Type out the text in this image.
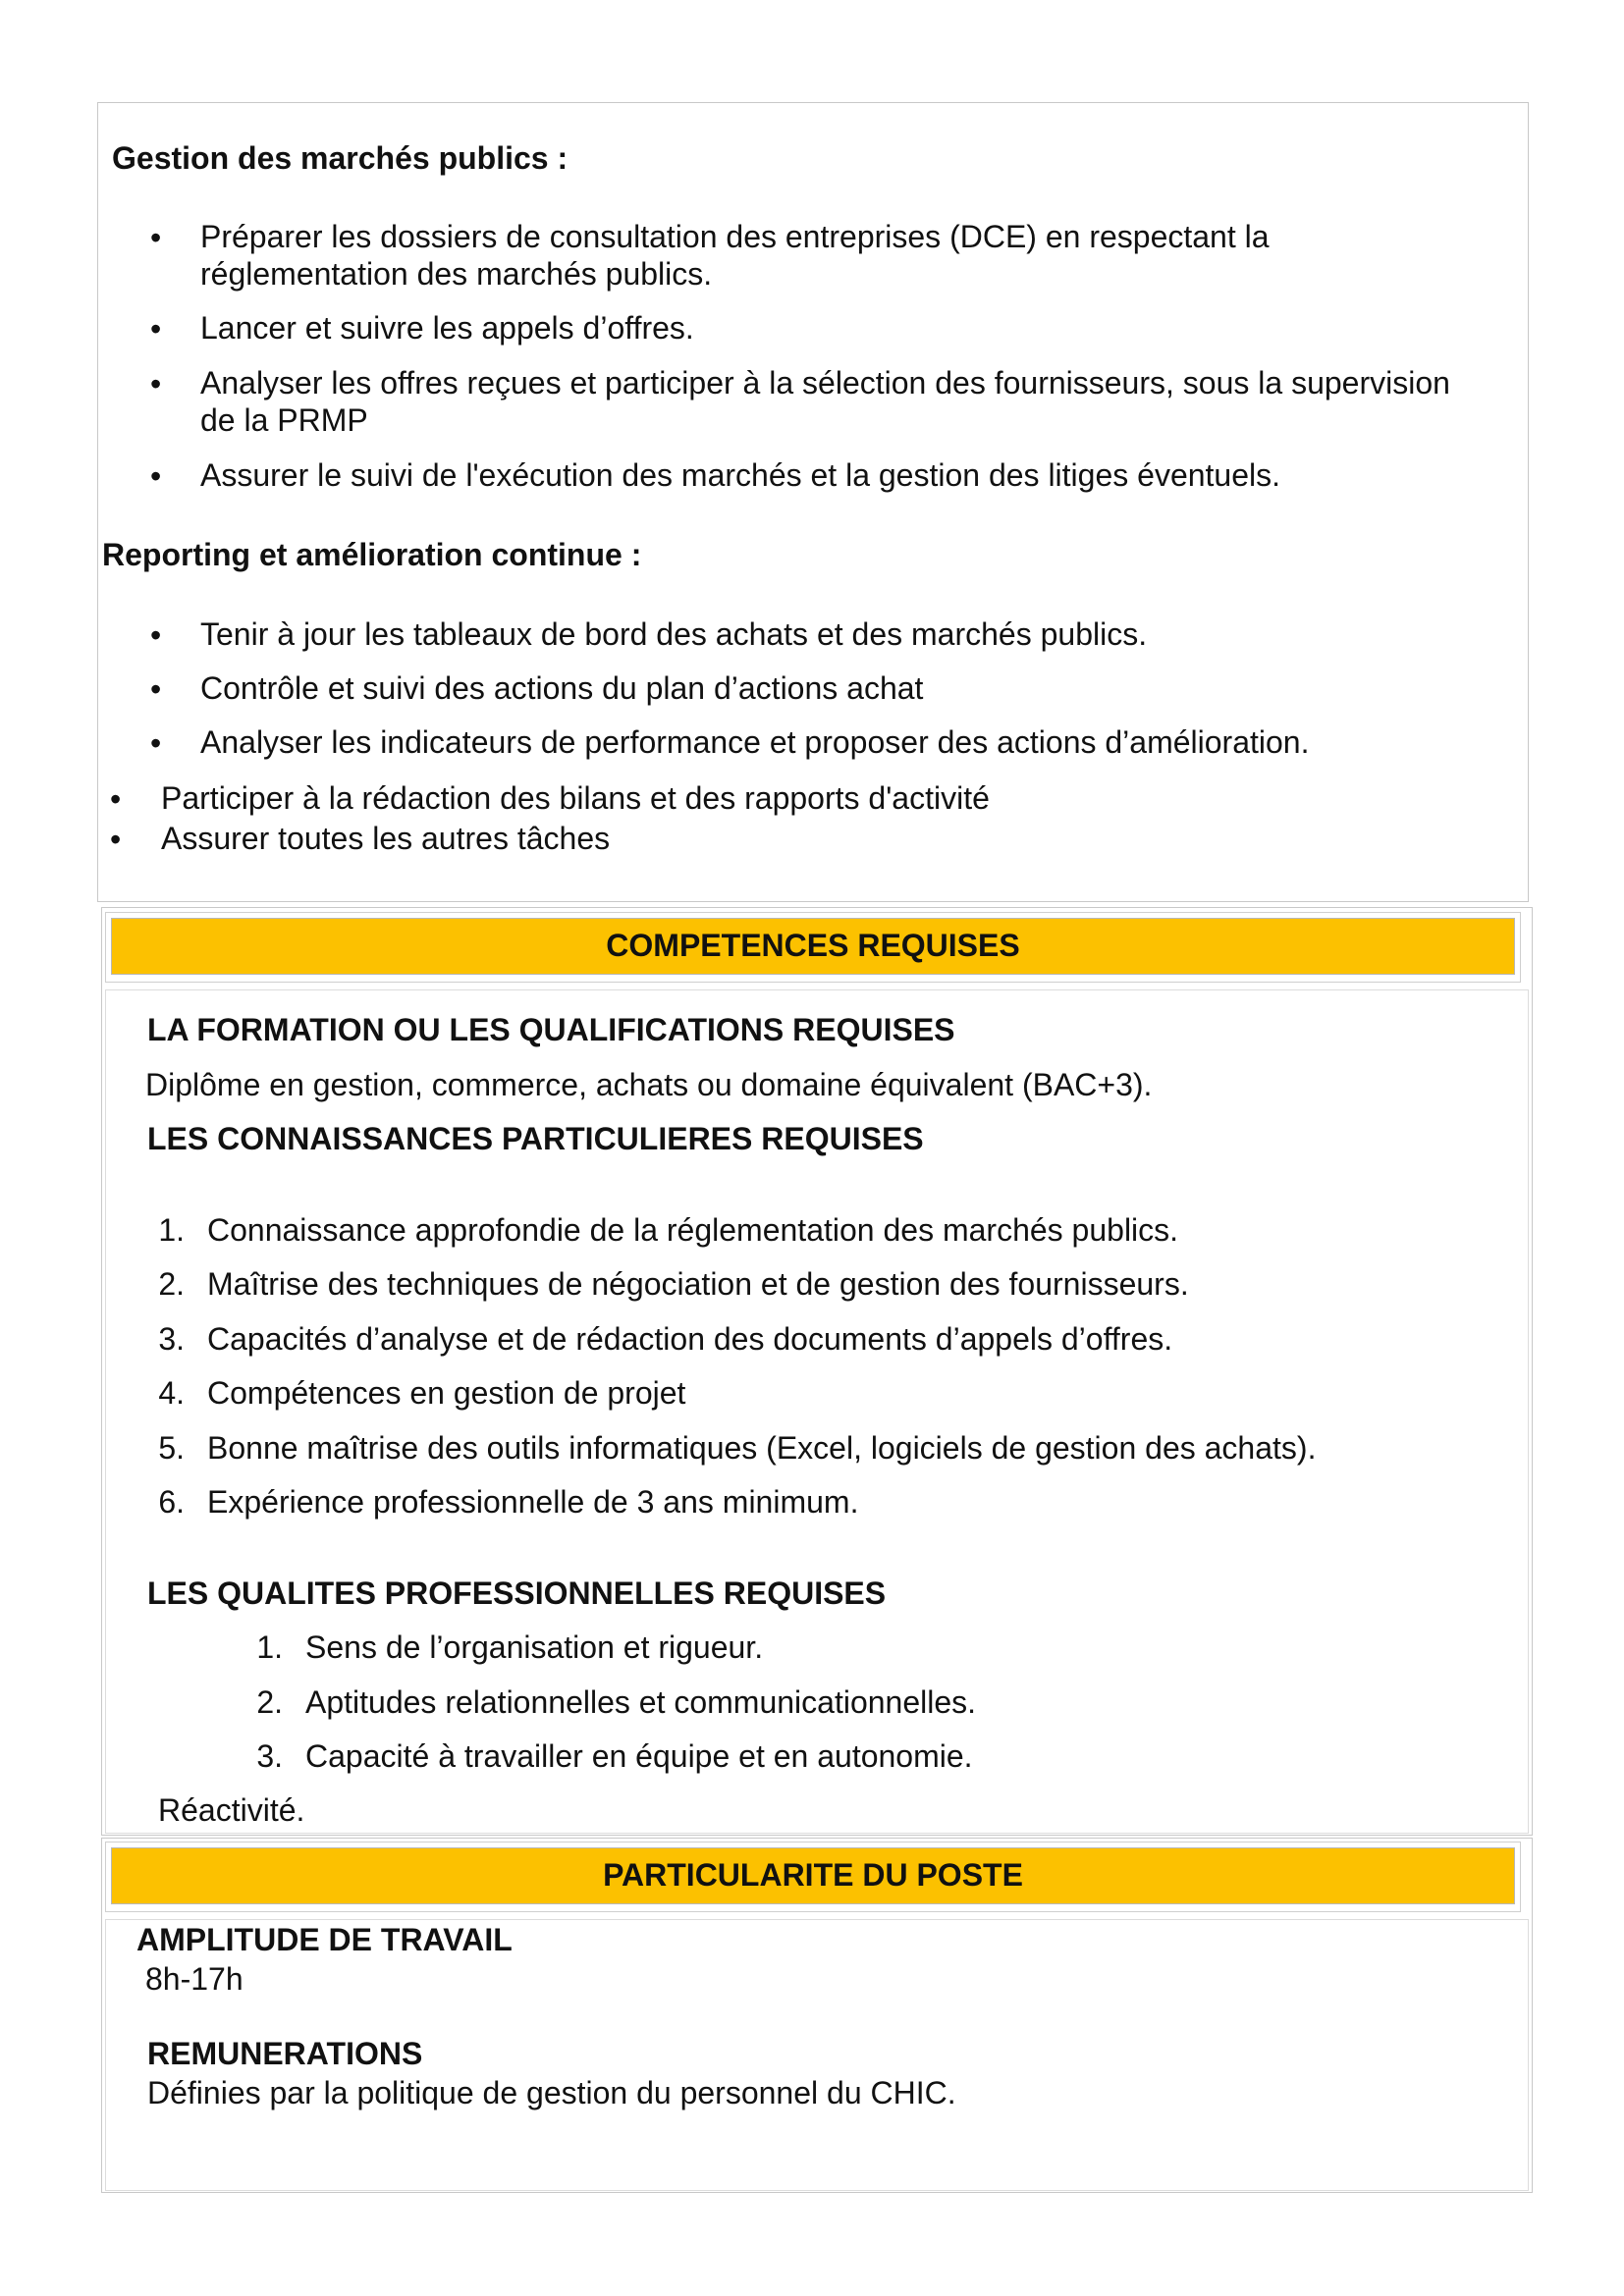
Gestion des marchés publics :
• Préparer les dossiers de consultation des entreprises (DCE) en respectant la
réglementation des marchés publics.
• Lancer et suivre les appels d’offres.
• Analyser les offres reçues et participer à la sélection des fournisseurs, sous la supervision
de la PRMP
• Assurer le suivi de l'exécution des marchés et la gestion des litiges éventuels.
Reporting et amélioration continue :
• Tenir à jour les tableaux de bord des achats et des marchés publics.
• Contrôle et suivi des actions du plan d’actions achat
• Analyser les indicateurs de performance et proposer des actions d’amélioration.
• Participer à la rédaction des bilans et des rapports d'activité
• Assurer toutes les autres tâches
COMPETENCES REQUISES
LA FORMATION OU LES QUALIFICATIONS REQUISES
Diplôme en gestion, commerce, achats ou domaine équivalent (BAC+3).
LES CONNAISSANCES PARTICULIERES REQUISES
1. Connaissance approfondie de la réglementation des marchés publics.
2. Maîtrise des techniques de négociation et de gestion des fournisseurs.
3. Capacités d’analyse et de rédaction des documents d’appels d’offres.
4. Compétences en gestion de projet
5. Bonne maîtrise des outils informatiques (Excel, logiciels de gestion des achats).
6. Expérience professionnelle de 3 ans minimum.
LES QUALITES PROFESSIONNELLES REQUISES
1. Sens de l’organisation et rigueur.
2. Aptitudes relationnelles et communicationnelles.
3. Capacité à travailler en équipe et en autonomie.
Réactivité.
PARTICULARITE DU POSTE
AMPLITUDE DE TRAVAIL
8h-17h
REMUNERATIONS
Définies par la politique de gestion du personnel du CHIC.
